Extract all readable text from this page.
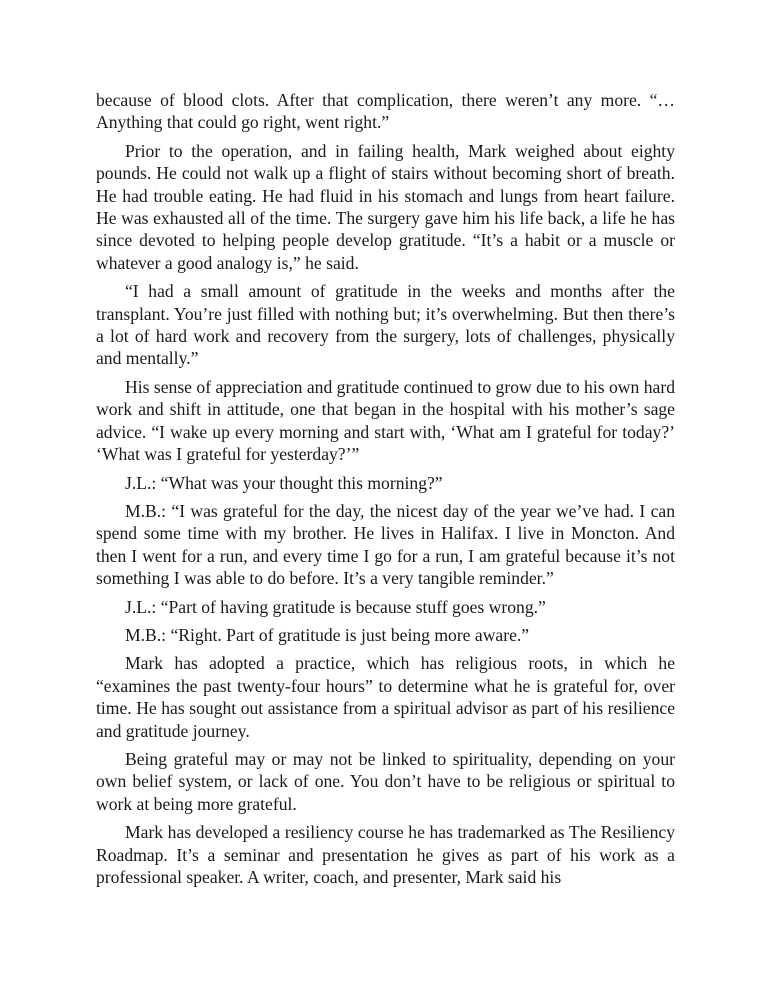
because of blood clots. After that complication, there weren’t any more. “… Anything that could go right, went right.”

Prior to the operation, and in failing health, Mark weighed about eighty pounds. He could not walk up a flight of stairs without becoming short of breath. He had trouble eating. He had fluid in his stomach and lungs from heart failure. He was exhausted all of the time. The surgery gave him his life back, a life he has since devoted to helping people develop gratitude. “It’s a habit or a muscle or whatever a good analogy is,” he said.

“I had a small amount of gratitude in the weeks and months after the transplant. You’re just filled with nothing but; it’s overwhelming. But then there’s a lot of hard work and recovery from the surgery, lots of challenges, physically and mentally.”

His sense of appreciation and gratitude continued to grow due to his own hard work and shift in attitude, one that began in the hospital with his mother’s sage advice. “I wake up every morning and start with, ‘What am I grateful for today?’ ‘What was I grateful for yesterday?’”

J.L.: “What was your thought this morning?”

M.B.: “I was grateful for the day, the nicest day of the year we’ve had. I can spend some time with my brother. He lives in Halifax. I live in Moncton. And then I went for a run, and every time I go for a run, I am grateful because it’s not something I was able to do before. It’s a very tangible reminder.”

J.L.: “Part of having gratitude is because stuff goes wrong.”

M.B.: “Right. Part of gratitude is just being more aware.”

Mark has adopted a practice, which has religious roots, in which he “examines the past twenty-four hours” to determine what he is grateful for, over time. He has sought out assistance from a spiritual advisor as part of his resilience and gratitude journey.

Being grateful may or may not be linked to spirituality, depending on your own belief system, or lack of one. You don’t have to be religious or spiritual to work at being more grateful.

Mark has developed a resiliency course he has trademarked as The Resiliency Roadmap. It’s a seminar and presentation he gives as part of his work as a professional speaker. A writer, coach, and presenter, Mark said his
